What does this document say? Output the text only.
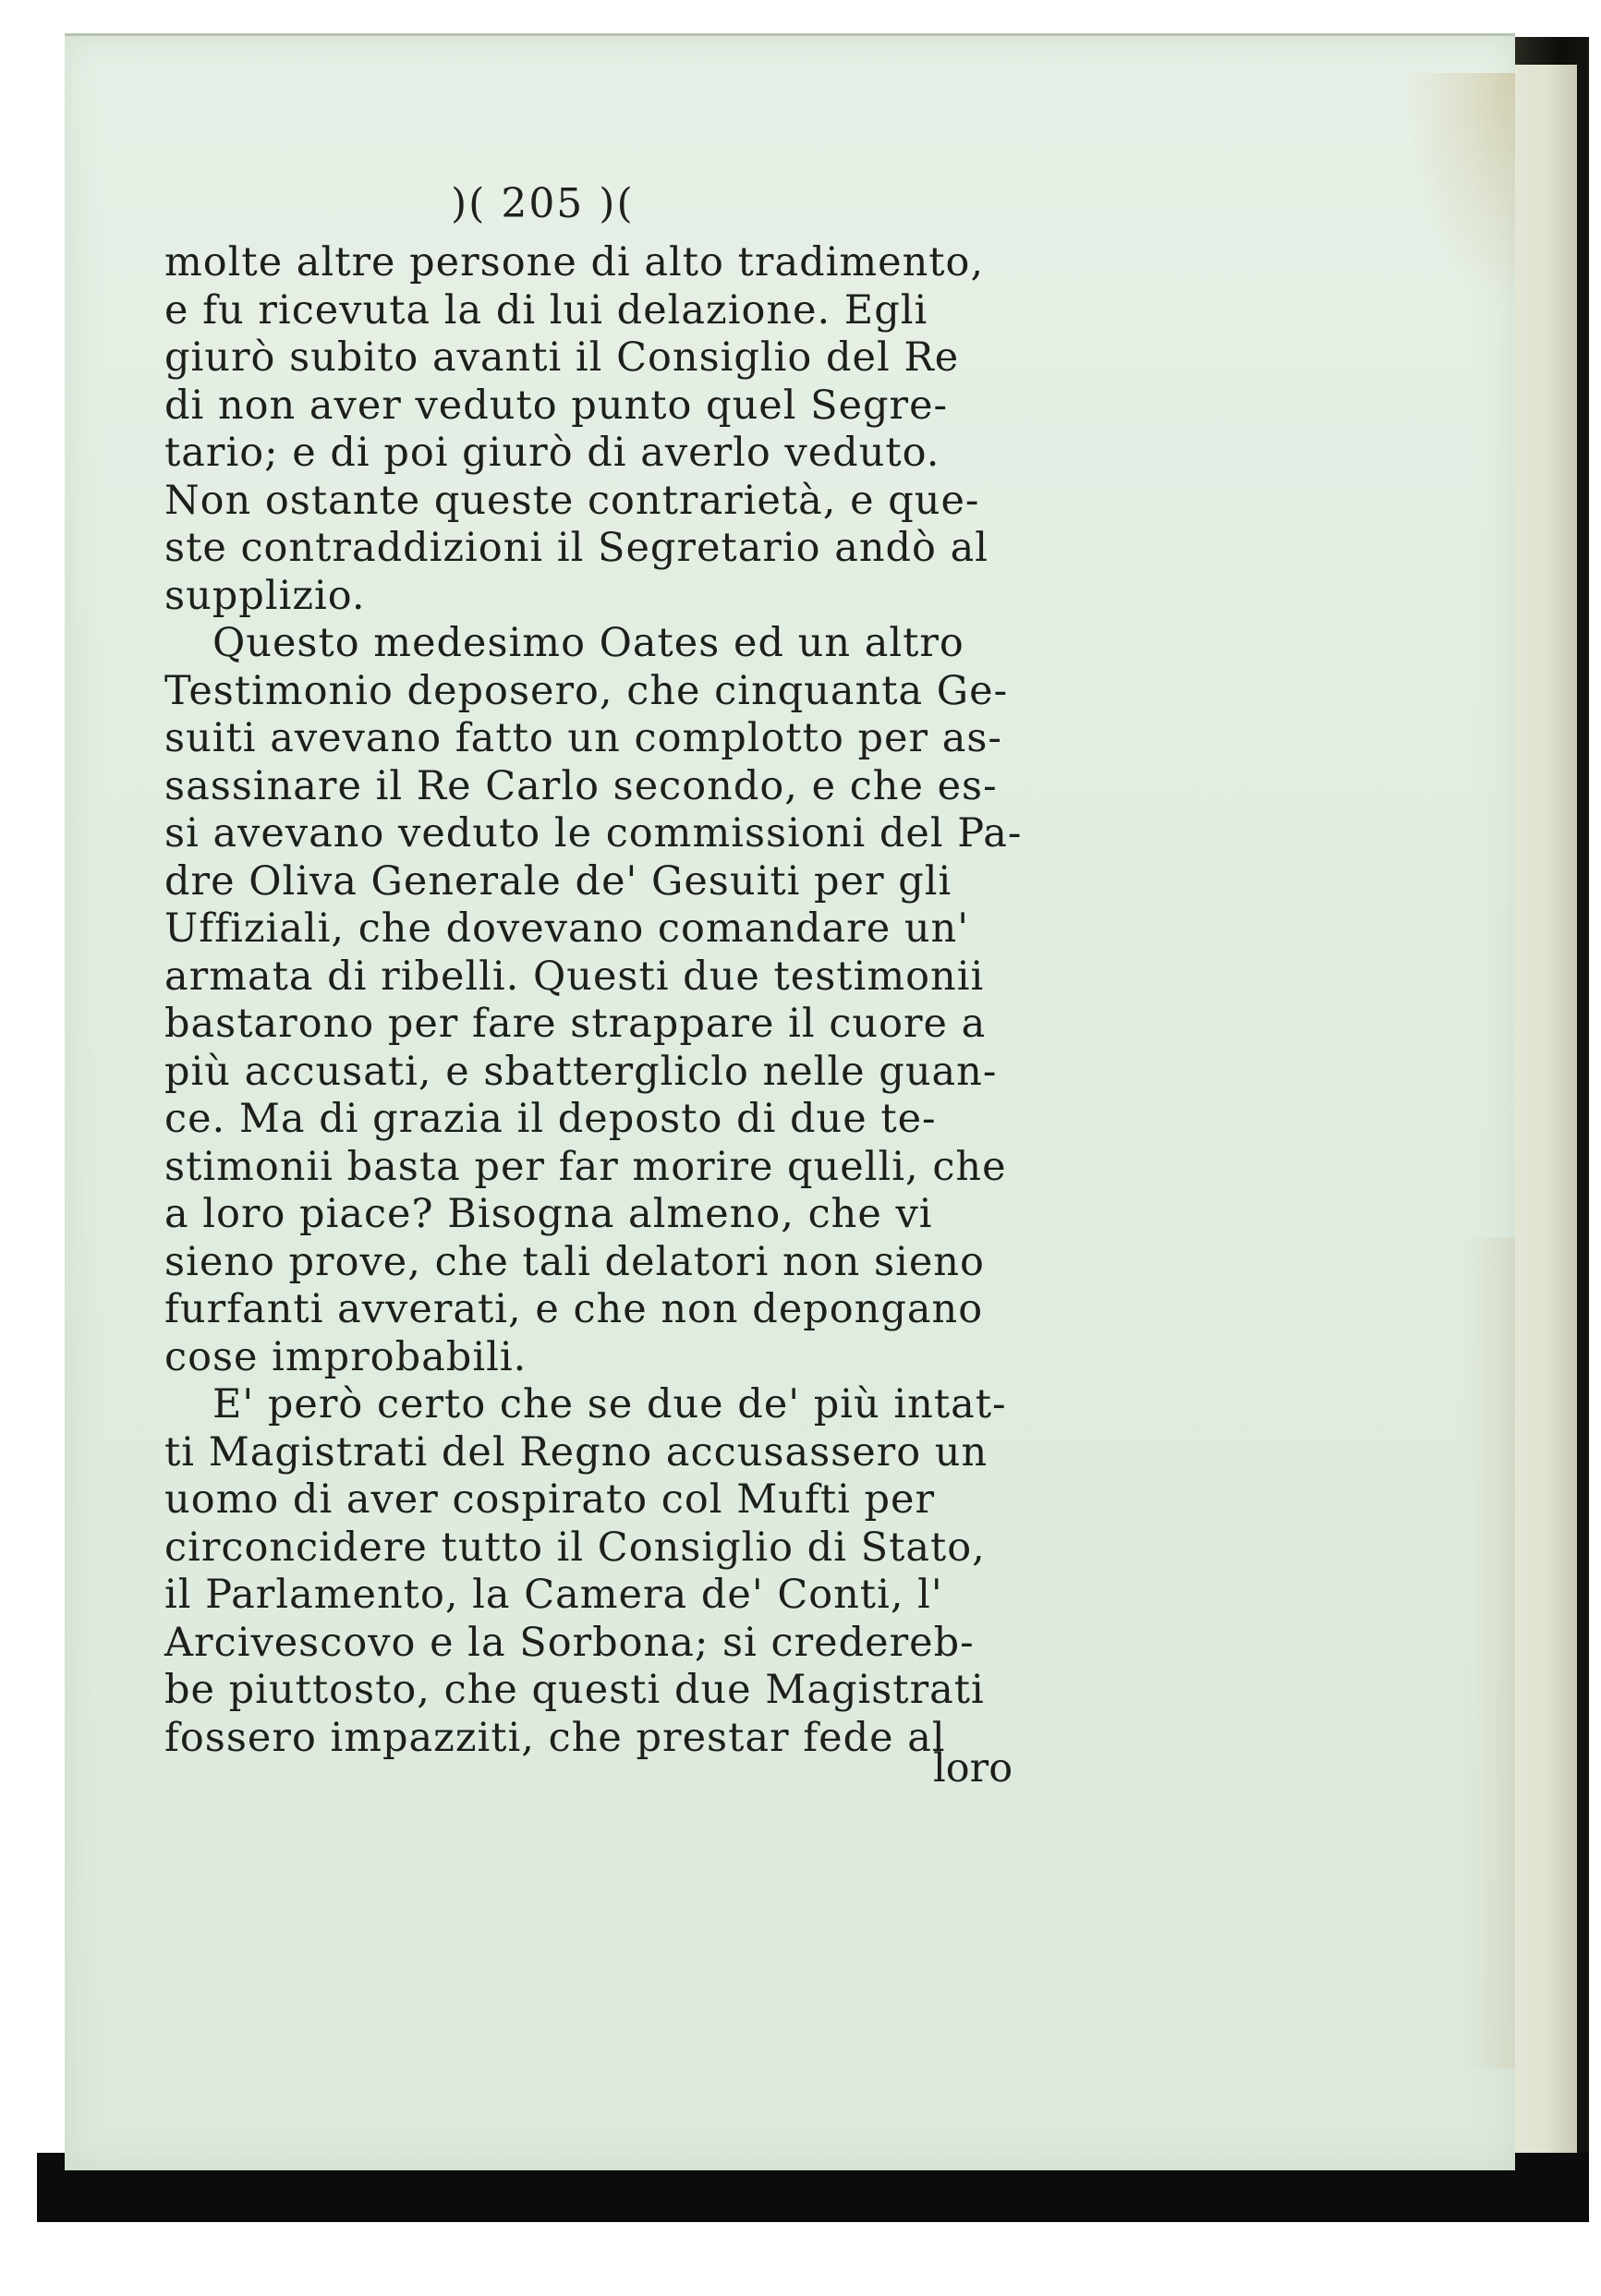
)( 205 )(
molte altre persone di alto tradimento,
e fu ricevuta la di lui delazione. Egli
giurò subito avanti il Consiglio del Re
di non aver veduto punto quel Segre-
tario; e di poi giurò di averlo veduto.
Non ostante queste contrarietà, e que-
ste contraddizioni il Segretario andò al
supplizio.
Questo medesimo Oates ed un altro
Testimonio deposero, che cinquanta Ge-
suiti avevano fatto un complotto per as-
sassinare il Re Carlo secondo, e che es-
si avevano veduto le commissioni del Pa-
dre Oliva Generale de' Gesuiti per gli
Uffiziali, che dovevano comandare un'
armata di ribelli. Questi due testimonii
bastarono per fare strappare il cuore a
più accusati, e sbattergliclo nelle guan-
ce. Ma di grazia il deposto di due te-
stimonii basta per far morire quelli, che
a loro piace? Bisogna almeno, che vi
sieno prove, che tali delatori non sieno
furfanti avverati, e che non depongano
cose improbabili.
E' però certo che se due de' più intat-
ti Magistrati del Regno accusassero un
uomo di aver cospirato col Mufti per
circoncidere tutto il Consiglio di Stato,
il Parlamento, la Camera de' Conti, l'
Arcivescovo e la Sorbona; si credereb-
be piuttosto, che questi due Magistrati
fossero impazziti, che prestar fede al
loro
